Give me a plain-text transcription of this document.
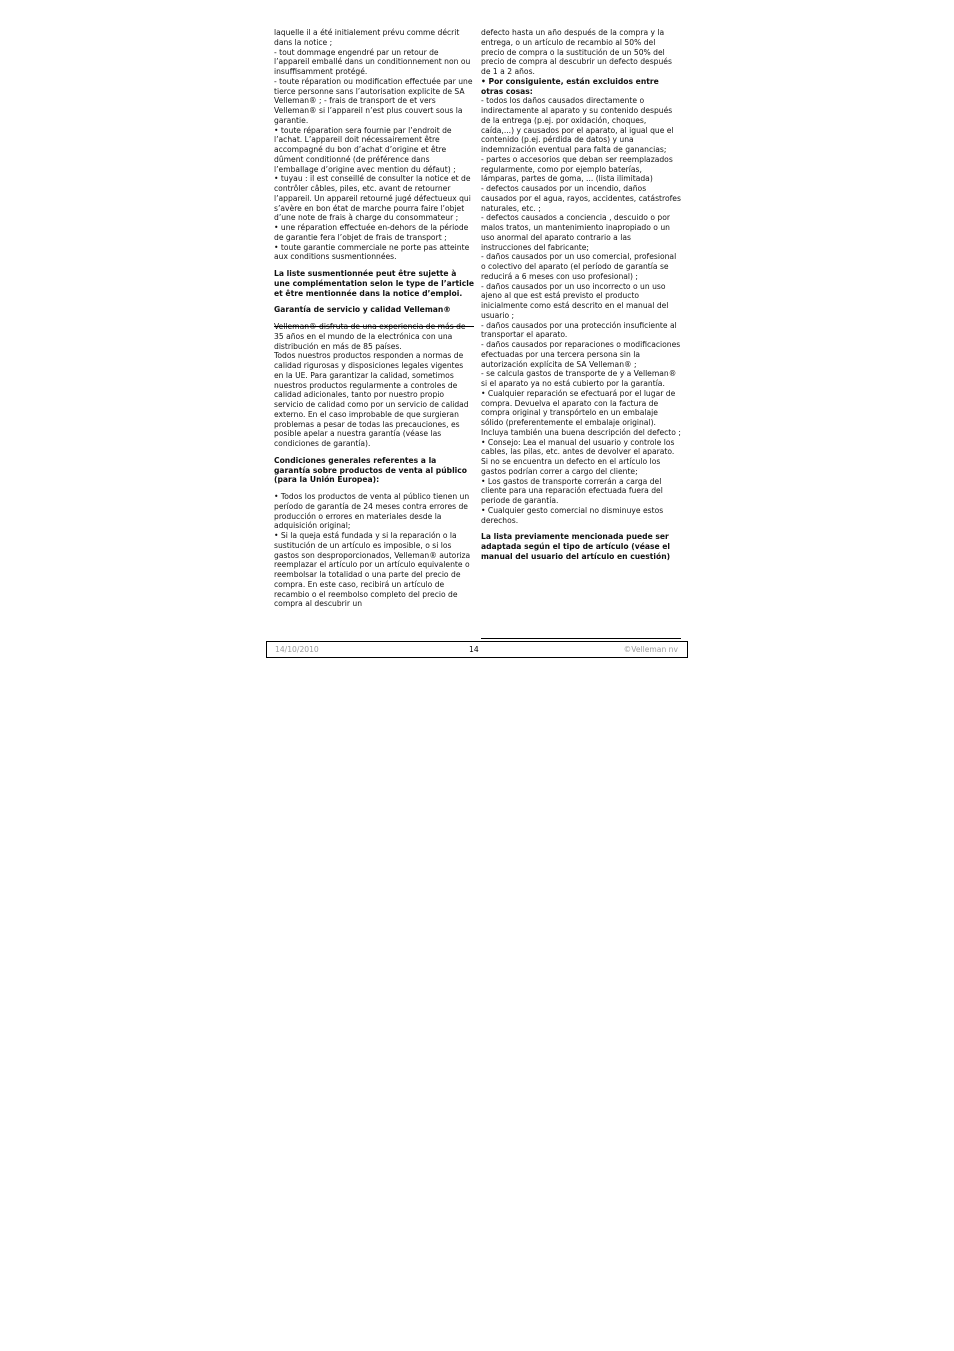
laquelle il a été initialement prévu comme décrit dans la notice ;

- tout dommage engendré par un retour de l’appareil emballé dans un conditionnement non ou insuffisamment protégé.

- toute réparation ou modification effectuée par une tierce personne sans l’autorisation explicite de SA Velleman® ; - frais de transport de et vers Velleman® si l’appareil n’est plus couvert sous la garantie.

• toute réparation sera fournie par l’endroit de l’achat. L’appareil doit nécessairement être accompagné du bon d’achat d’origine et être dûment conditionné (de préférence dans l’emballage d’origine avec mention du défaut) ;

• tuyau : il est conseillé de consulter la notice et de contrôler câbles, piles, etc. avant de retourner l’appareil. Un appareil retourné jugé défectueux qui s’avère en bon état de marche pourra faire l’objet d’une note de frais à charge du consommateur ;

• une réparation effectuée en-dehors de la période de garantie fera l’objet de frais de transport ;

• toute garantie commerciale ne porte pas atteinte aux conditions susmentionnées.

La liste susmentionnée peut être sujette à une complémentation selon le type de l’article et être mentionnée dans la notice d’emploi.

Garantía de servicio y calidad Velleman®

35 años en el mundo de la electrónica con una distribución en más de 85 países.

Todos nuestros productos responden a normas de calidad rigurosas y disposiciones legales vigentes en la UE. Para garantizar la calidad, sometimos nuestros productos regularmente a controles de calidad adicionales, tanto por nuestro propio servicio de calidad como por un servicio de calidad externo. En el caso improbable de que surgieran problemas a pesar de todas las precauciones, es posible apelar a nuestra garantía (véase las condiciones de garantía).

Condiciones generales referentes a la garantía sobre productos de venta al público (para la Unión Europea):

• Todos los productos de venta al público tienen un período de garantía de 24 meses contra errores de producción o errores en materiales desde la adquisición original;

• Si la queja está fundada y si la reparación o la sustitución de un artículo es imposible, o si los gastos son desproporcionados, Velleman® autoriza reemplazar el artículo por un artículo equivalente o reembolsar la totalidad o una parte del precio de compra. En este caso, recibirá un artículo de recambio o el reembolso completo del precio de compra al descubrir un

defecto hasta un año después de la compra y la entrega, o un artículo de recambio al 50% del precio de compra o la sustitución de un 50% del precio de compra al descubrir un defecto después de 1 a 2 años.

• Por consiguiente, están excluidos entre otras cosas:

- todos los daños causados directamente o indirectamente al aparato y su contenido después de la entrega (p.ej. por oxidación, choques, caída,...) y causados por el aparato, al igual que el contenido (p.ej. pérdida de datos) y una indemnización eventual para falta de ganancias;

- partes o accesorios que deban ser reemplazados regularmente, como por ejemplo baterías, lámparas, partes de goma, ... (lista ilimitada)

- defectos causados por un incendio, daños causados por el agua, rayos, accidentes, catástrofes naturales, etc. ;

- defectos causados a conciencia , descuido o por malos tratos, un mantenimiento inapropiado o un uso anormal del aparato contrario a las instrucciones del fabricante;

- daños causados por un uso comercial, profesional o colectivo del aparato (el período de garantía se reducirá a 6 meses con uso profesional) ;

- daños causados por un uso incorrecto o un uso ajeno al que est está previsto el producto inicialmente como está descrito en el manual del usuario ;

- daños causados por una protección insuficiente al transportar el aparato.

- daños causados por reparaciones o modificaciones efectuadas por una tercera persona sin la autorización explícita de SA Velleman® ;

- se calcula gastos de transporte de y a Velleman® si el aparato ya no está cubierto por la garantía.

• Cualquier reparación se efectuará por el lugar de compra. Devuelva el aparato con la factura de compra original y transpórtelo en un embalaje sólido (preferentemente el embalaje original). Incluya también una buena descripción del defecto ;

• Consejo: Lea el manual del usuario y controle los cables, las pilas, etc. antes de devolver el aparato. Si no se encuentra un defecto en el artículo los gastos podrían correr a cargo del cliente;

• Los gastos de transporte correrán a carga del cliente para una reparación efectuada fuera del periode de garantía.

• Cualquier gesto comercial no disminuye estos derechos.

La lista previamente mencionada puede ser adaptada según el tipo de artículo (véase el manual del usuario del artículo en cuestión)

14/10/2010	14	©Velleman nv
